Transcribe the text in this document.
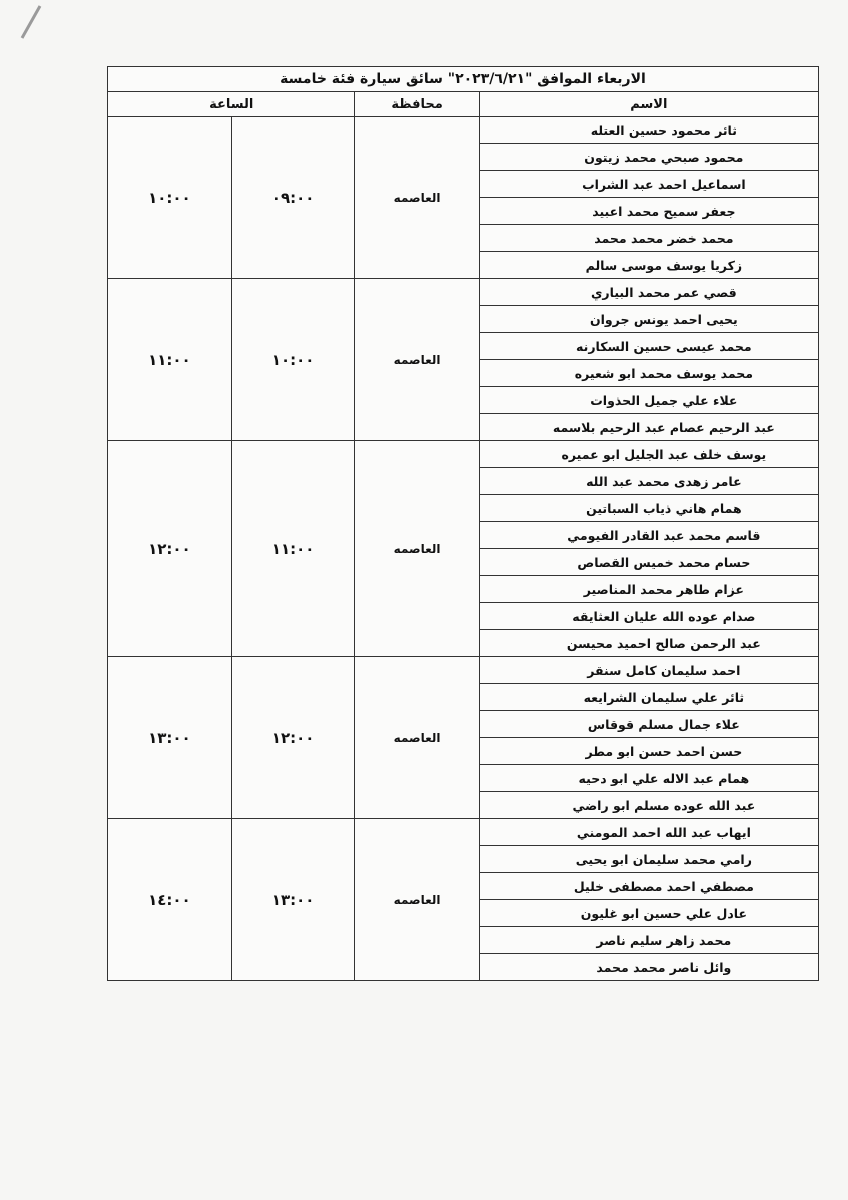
الاربعاء الموافق "٢٠٢٣/٦/٢١" سائق سيارة فئة خامسة			
الاسم	محافظة	الساعة	
ثائر محمود حسين العتله	العاصمه	٠٩:٠٠	١٠:٠٠
محمود صبحي محمد زيتون			
اسماعيل احمد عبد الشراب			
جعفر سميح محمد اعبيد			
محمد خضر محمد محمد			
زكريا يوسف موسى سالم			
قصي عمر محمد البياري	العاصمه	١٠:٠٠	١١:٠٠
يحيى احمد يونس جروان			
محمد عيسى حسين السكارنه			
محمد يوسف محمد ابو شعيره			
علاء علي جميل الحذوات			
عبد الرحيم عصام عبد الرحيم بلاسمه			
يوسف خلف عبد الجليل ابو عميره	العاصمه	١١:٠٠	١٢:٠٠
عامر زهدى محمد عبد الله			
همام هاني ذياب السباتين			
قاسم محمد عبد القادر الفيومي			
حسام محمد خميس القصاص			
عزام طاهر محمد المناصير			
صدام عوده الله عليان العثايقه			
عبد الرحمن صالح احميد محيسن			
احمد سليمان كامل سنقر	العاصمه	١٢:٠٠	١٣:٠٠
ثائر علي سليمان الشرايعه			
علاء جمال مسلم قوقاس			
حسن احمد حسن ابو مطر			
همام عبد الاله علي ابو دحيه			
عبد الله عوده مسلم ابو راضي			
ايهاب عبد الله احمد المومني	العاصمه	١٣:٠٠	١٤:٠٠
رامي محمد سليمان ابو يحيى			
مصطفي احمد مصطفى خليل			
عادل علي حسين ابو غليون			
محمد زاهر سليم ناصر			
وائل ناصر محمد محمد			
